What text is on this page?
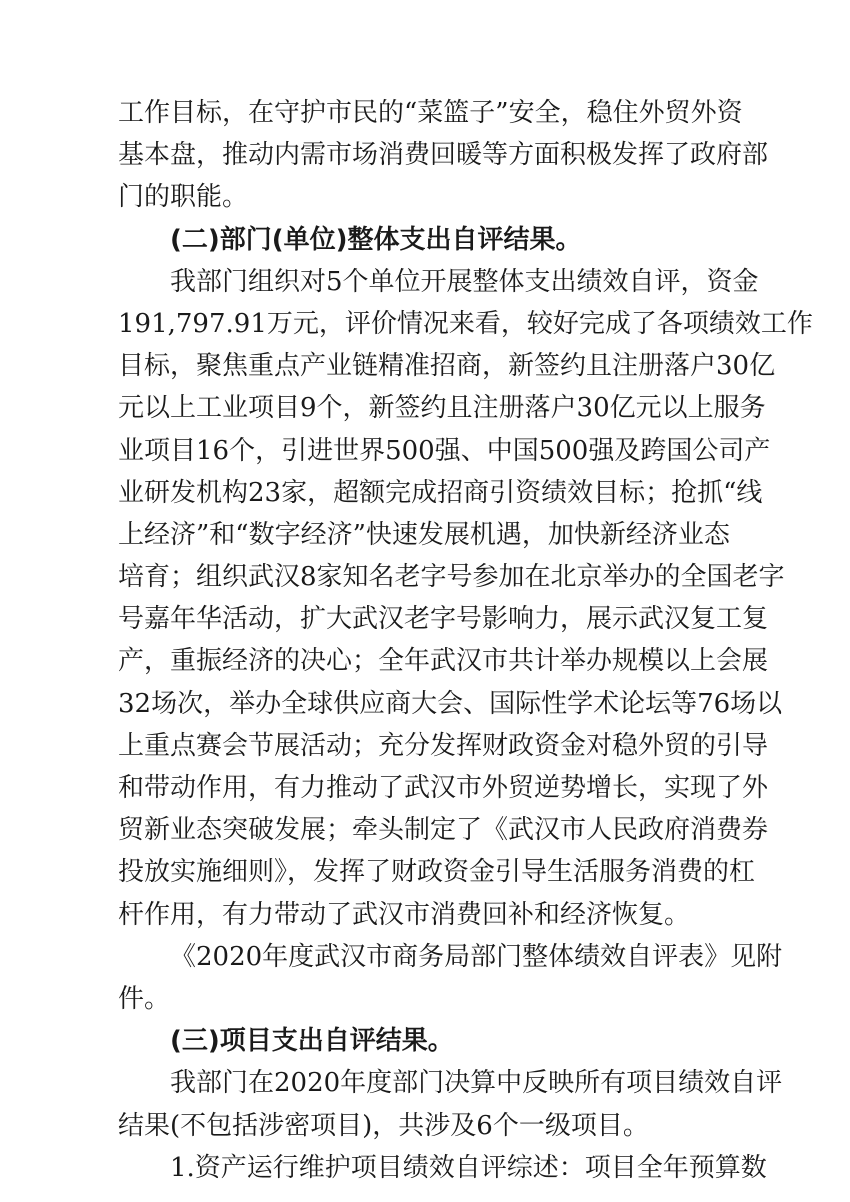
工作目标，在守护市民的“菜篮子”安全，稳住外贸外资
基本盘，推动内需市场消费回暖等方面积极发挥了政府部
门的职能。
(二)部门(单位)整体支出自评结果。
我部门组织对5个单位开展整体支出绩效自评，资金
191,797.91万元，评价情况来看，较好完成了各项绩效工作
目标，聚焦重点产业链精准招商，新签约且注册落户30亿
元以上工业项目9个，新签约且注册落户30亿元以上服务
业项目16个，引进世界500强、中国500强及跨国公司产
业研发机构23家，超额完成招商引资绩效目标；抢抓“线
上经济”和“数字经济”快速发展机遇，加快新经济业态
培育；组织武汉8家知名老字号参加在北京举办的全国老字
号嘉年华活动，扩大武汉老字号影响力，展示武汉复工复
产，重振经济的决心；全年武汉市共计举办规模以上会展
32场次，举办全球供应商大会、国际性学术论坛等76场以
上重点赛会节展活动；充分发挥财政资金对稳外贸的引导
和带动作用，有力推动了武汉市外贸逆势增长，实现了外
贸新业态突破发展；牵头制定了《武汉市人民政府消费券
投放实施细则》，发挥了财政资金引导生活服务消费的杠
杆作用，有力带动了武汉市消费回补和经济恢复。
《2020年度武汉市商务局部门整体绩效自评表》见附
件。
(三)项目支出自评结果。
我部门在2020年度部门决算中反映所有项目绩效自评
结果(不包括涉密项目)，共涉及6个一级项目。
1.资产运行维护项目绩效自评综述：项目全年预算数
